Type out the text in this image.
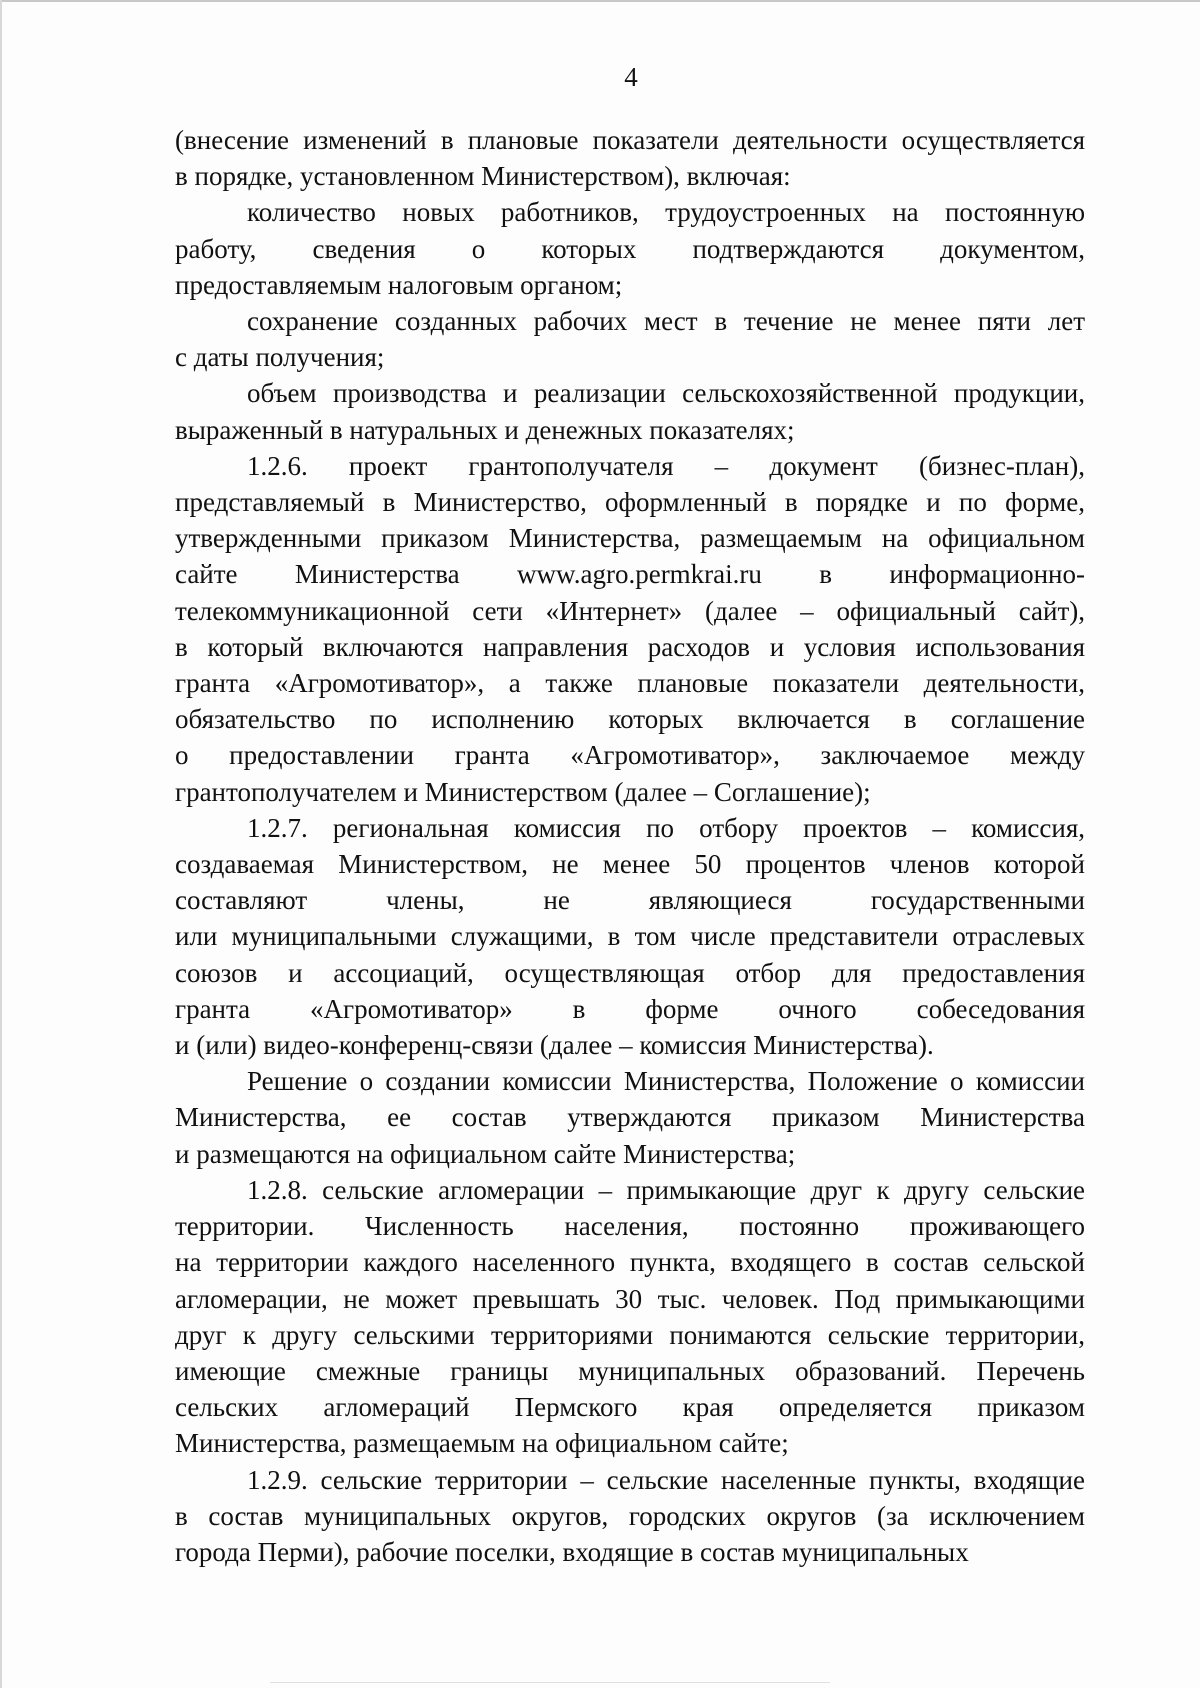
4
(внесение изменений в плановые показатели деятельности осуществляется
в порядке, установленном Министерством), включая:
количество новых работников, трудоустроенных на постоянную
работу, сведения о которых подтверждаются документом,
предоставляемым налоговым органом;
сохранение созданных рабочих мест в течение не менее пяти лет
с даты получения;
объем производства и реализации сельскохозяйственной продукции,
выраженный в натуральных и денежных показателях;
1.2.6. проект грантополучателя – документ (бизнес-план),
представляемый в Министерство, оформленный в порядке и по форме,
утвержденными приказом Министерства, размещаемым на официальном
сайте Министерства www.agro.permkrai.ru в информационно-
телекоммуникационной сети «Интернет» (далее – официальный сайт),
в который включаются направления расходов и условия использования
гранта «Агромотиватор», а также плановые показатели деятельности,
обязательство по исполнению которых включается в соглашение
о предоставлении гранта «Агромотиватор», заключаемое между
грантополучателем и Министерством (далее – Соглашение);
1.2.7. региональная комиссия по отбору проектов – комиссия,
создаваемая Министерством, не менее 50 процентов членов которой
составляют члены, не являющиеся государственными
или муниципальными служащими, в том числе представители отраслевых
союзов и ассоциаций, осуществляющая отбор для предоставления
гранта «Агромотиватор» в форме очного собеседования
и (или) видео-конференц-связи (далее – комиссия Министерства).
Решение о создании комиссии Министерства, Положение о комиссии
Министерства, ее состав утверждаются приказом Министерства
и размещаются на официальном сайте Министерства;
1.2.8. сельские агломерации – примыкающие друг к другу сельские
территории. Численность населения, постоянно проживающего
на территории каждого населенного пункта, входящего в состав сельской
агломерации, не может превышать 30 тыс. человек. Под примыкающими
друг к другу сельскими территориями понимаются сельские территории,
имеющие смежные границы муниципальных образований. Перечень
сельских агломераций Пермского края определяется приказом
Министерства, размещаемым на официальном сайте;
1.2.9. сельские территории – сельские населенные пункты, входящие
в состав муниципальных округов, городских округов (за исключением
города Перми), рабочие поселки, входящие в состав муниципальных
